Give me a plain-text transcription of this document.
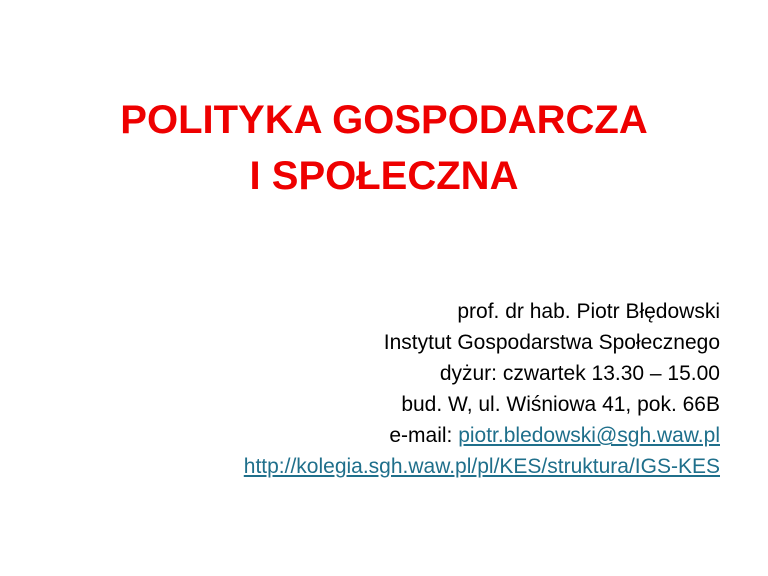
POLITYKA GOSPODARCZA
I SPOŁECZNA
prof. dr hab. Piotr Błędowski
Instytut Gospodarstwa Społecznego
dyżur: czwartek 13.30 – 15.00
bud. W, ul. Wiśniowa 41, pok. 66B
e-mail: piotr.bledowski@sgh.waw.pl
http://kolegia.sgh.waw.pl/pl/KES/struktura/IGS-KES
